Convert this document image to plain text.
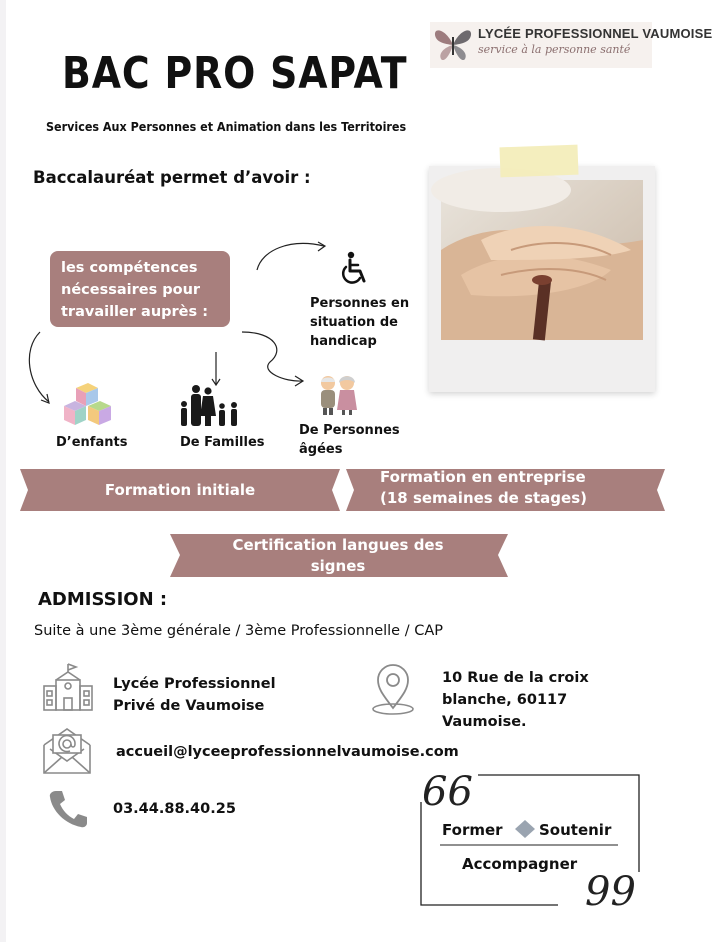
LYCÉE PROFESSIONNEL VAUMOISE
service à la personne santé
BAC PRO SAPAT
Services Aux Personnes et Animation dans les Territoires
Baccalauréat permet d’avoir :
les compétences
nécessaires pour
travailler auprès :
Personnes en
situation de
handicap
D’enfants	De Familles
De Personnes
âgées
Formation initiale
Formation en entreprise
(18 semaines de stages)
Certification langues des
signes
ADMISSION :
Suite à une 3ème générale / 3ème Professionnelle / CAP
Lycée Professionnel
Privé de Vaumoise
10 Rue de la croix
blanche, 60117
Vaumoise.
accueil@lyceeprofessionnelvaumoise.com
03.44.88.40.25	66
99
Former Soutenir
Accompagner
